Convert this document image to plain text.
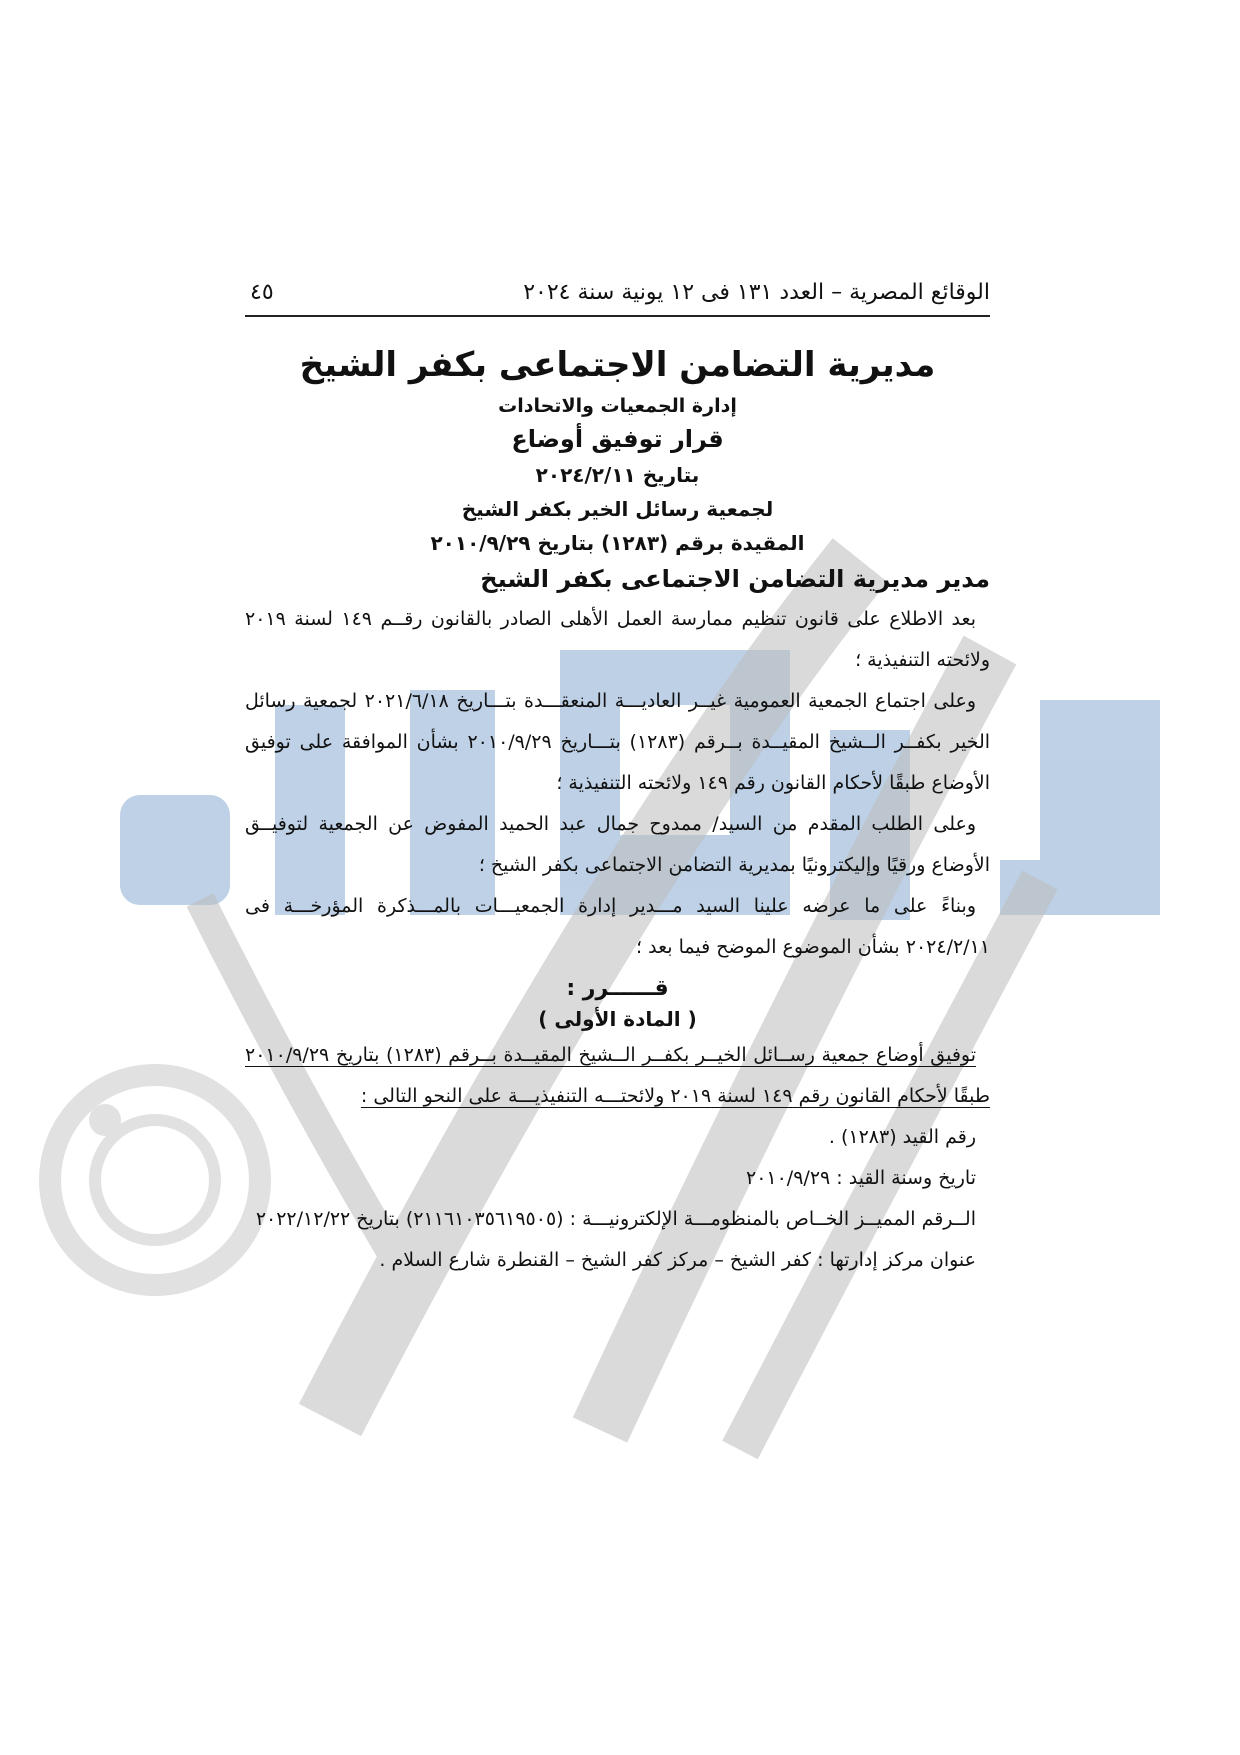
الوقائع المصرية – العدد ١٣١ فى ١٢ يونية سنة ٢٠٢٤
٤٥
مديرية التضامن الاجتماعى بكفر الشيخ
إدارة الجمعيات والاتحادات
قرار توفيق أوضاع
بتاريخ ٢٠٢٤/٢/١١
لجمعية رسائل الخير بكفر الشيخ
المقيدة برقم (١٢٨٣) بتاريخ ٢٠١٠/٩/٢٩
مدير مديرية التضامن الاجتماعى بكفر الشيخ

بعد الاطلاع على قانون تنظيم ممارسة العمل الأهلى الصادر بالقانون رقــم ١٤٩ لسنة ٢٠١٩ ولائحته التنفيذية ؛

وعلى اجتماع الجمعية العمومية غيــر العاديـــة المنعقـــدة بتـــاريخ ٢٠٢١/٦/١٨ لجمعية رسائل الخير بكفــر الــشيخ المقيــدة بــرقم (١٢٨٣) بتـــاريخ ٢٠١٠/٩/٢٩ بشأن الموافقة على توفيق الأوضاع طبقًا لأحكام القانون رقم ١٤٩ ولائحته التنفيذية ؛

وعلى الطلب المقدم من السيد/ ممدوح جمال عبد الحميد المفوض عن الجمعية لتوفيــق الأوضاع ورقيًا وإليكترونيًا بمديرية التضامن الاجتماعى بكفر الشيخ ؛

وبناءً على ما عرضه علينا السيد مـــدير إدارة الجمعيـــات بالمـــذكرة المؤرخـــة فى ٢٠٢٤/٢/١١ بشأن الموضوع الموضح فيما بعد ؛

قــــــرر :
( المادة الأولى )

توفيق أوضاع جمعية رســائل الخيــر بكفــر الــشيخ المقيــدة بــرقم (١٢٨٣) بتاريخ ٢٠١٠/٩/٢٩ طبقًا لأحكام القانون رقم ١٤٩ لسنة ٢٠١٩ ولائحتـــه التنفيذيـــة على النحو التالى :

رقم القيد (١٢٨٣) .

تاريخ وسنة القيد : ٢٠١٠/٩/٢٩

الــرقم المميــز الخــاص بالمنظومـــة الإلكترونيـــة : (٢١١٦١٠٣٥٦١٩٥٠٥) بتاريخ ٢٠٢٢/١٢/٢٢

عنوان مركز إدارتها : كفر الشيخ – مركز كفر الشيخ – القنطرة شارع السلام .
